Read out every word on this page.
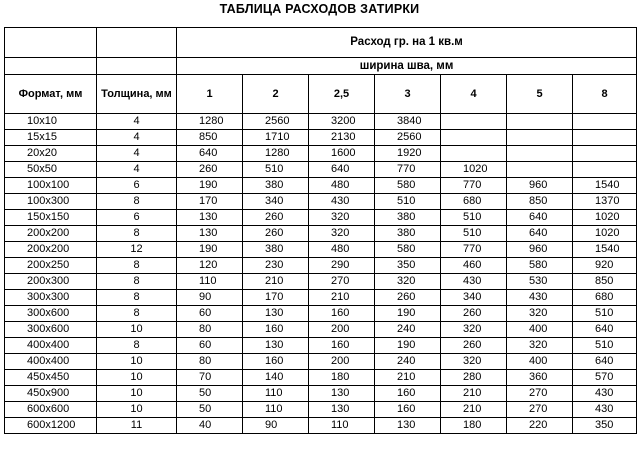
ТАБЛИЦА РАСХОДОВ ЗАТИРКИ
		Расход гр. на 1 кв.м						
		ширина шва, мм						
Формат, мм	Толщина, мм	1	2	2,5	3	4	5	8
10x10	4	1280	2560	3200	3840			
15x15	4	850	1710	2130	2560			
20x20	4	640	1280	1600	1920			
50x50	4	260	510	640	770	1020		
100x100	6	190	380	480	580	770	960	1540
100x300	8	170	340	430	510	680	850	1370
150x150	6	130	260	320	380	510	640	1020
200x200	8	130	260	320	380	510	640	1020
200x200	12	190	380	480	580	770	960	1540
200x250	8	120	230	290	350	460	580	920
200x300	8	110	210	270	320	430	530	850
300x300	8	90	170	210	260	340	430	680
300x600	8	60	130	160	190	260	320	510
300x600	10	80	160	200	240	320	400	640
400x400	8	60	130	160	190	260	320	510
400x400	10	80	160	200	240	320	400	640
450x450	10	70	140	180	210	280	360	570
450x900	10	50	110	130	160	210	270	430
600x600	10	50	110	130	160	210	270	430
600x1200	11	40	90	110	130	180	220	350
